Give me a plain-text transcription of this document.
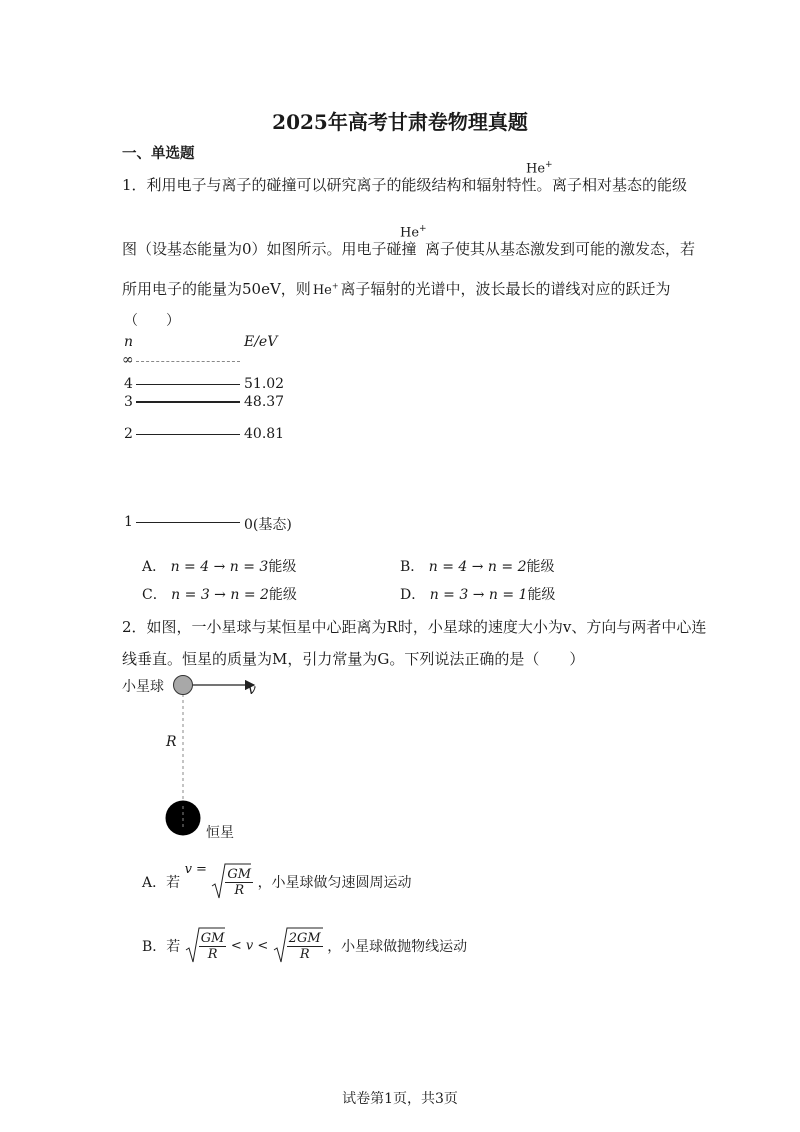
2025年高考甘肃卷物理真题
一、单选题
1．利用电子与离子的碰撞可以研究离子的能级结构和辐射特性。
He+
离子相对基态的能级
图（设基态能量为0）如图所示。用电子碰撞
He+
离子使其从基态激发到可能的激发态，若
所用电子的能量为50eV，则 He+ 离子辐射的光谱中，波长最长的谱线对应的跃迁为
（　　）
n	E/eV
∞
4	51.02
3	48.37
2	40.81
1	0(基态)
A． n = 4 → n = 3能级	B． n = 4 → n = 2能级
C． n = 3 → n = 2能级	D． n = 3 → n = 1能级
2．如图，一小星球与某恒星中心距离为R时，小星球的速度大小为v、方向与两者中心连
线垂直。恒星的质量为M，引力常量为G。下列说法正确的是（　　）
小星球	v
R
恒星
A．若 $v = \frac{GM}{R}$ ，小星球做匀速圆周运动
B．若 $\frac{GM}{R} < v < \frac{2GM}{R}$ ，小星球做抛物线运动
试卷第1页，共3页
